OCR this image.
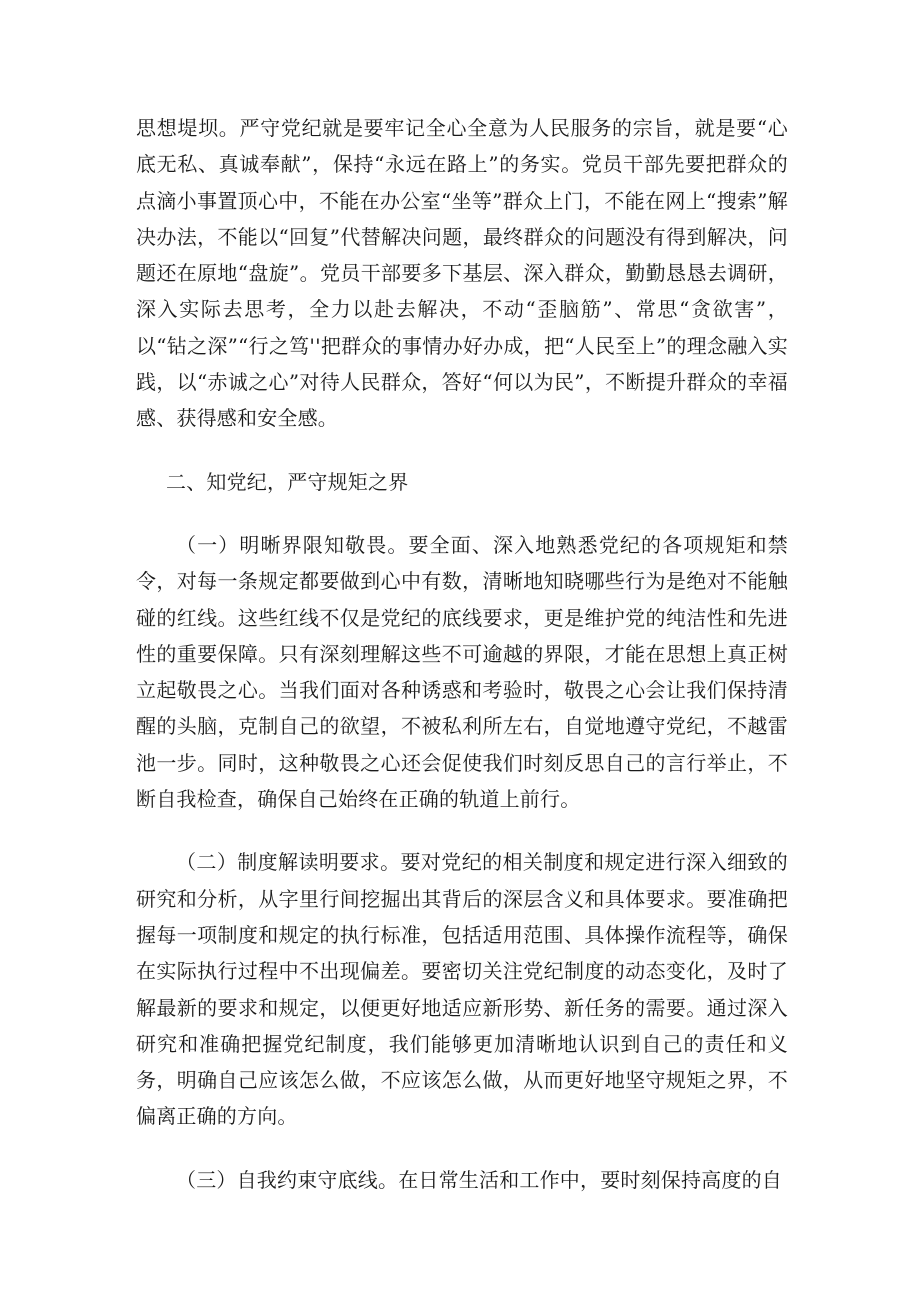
思想堤坝。严守党纪就是要牢记全心全意为人民服务的宗旨，就是要“心底无私、真诚奉献”，保持“永远在路上”的务实。党员干部先要把群众的点滴小事置顶心中，不能在办公室“坐等”群众上门，不能在网上“搜索”解决办法，不能以“回复”代替解决问题，最终群众的问题没有得到解决，问题还在原地“盘旋”。党员干部要多下基层、深入群众，勤勤恳恳去调研，深入实际去思考，全力以赴去解决，不动“歪脑筋”、常思“贪欲害”，以“钻之深”“行之笃''把群众的事情办好办成，把“人民至上”的理念融入实践，以“赤诚之心”对待人民群众，答好“何以为民”，不断提升群众的幸福感、获得感和安全感。

二、知党纪，严守规矩之界

（一）明晰界限知敬畏。要全面、深入地熟悉党纪的各项规矩和禁令，对每一条规定都要做到心中有数，清晰地知晓哪些行为是绝对不能触碰的红线。这些红线不仅是党纪的底线要求，更是维护党的纯洁性和先进性的重要保障。只有深刻理解这些不可逾越的界限，才能在思想上真正树立起敬畏之心。当我们面对各种诱惑和考验时，敬畏之心会让我们保持清醒的头脑，克制自己的欲望，不被私利所左右，自觉地遵守党纪，不越雷池一步。同时，这种敬畏之心还会促使我们时刻反思自己的言行举止，不断自我检查，确保自己始终在正确的轨道上前行。

（二）制度解读明要求。要对党纪的相关制度和规定进行深入细致的研究和分析，从字里行间挖掘出其背后的深层含义和具体要求。要准确把握每一项制度和规定的执行标准，包括适用范围、具体操作流程等，确保在实际执行过程中不出现偏差。要密切关注党纪制度的动态变化，及时了解最新的要求和规定，以便更好地适应新形势、新任务的需要。通过深入研究和准确把握党纪制度，我们能够更加清晰地认识到自己的责任和义务，明确自己应该怎么做，不应该怎么做，从而更好地坚守规矩之界，不偏离正确的方向。

（三）自我约束守底线。在日常生活和工作中，要时刻保持高度的自
